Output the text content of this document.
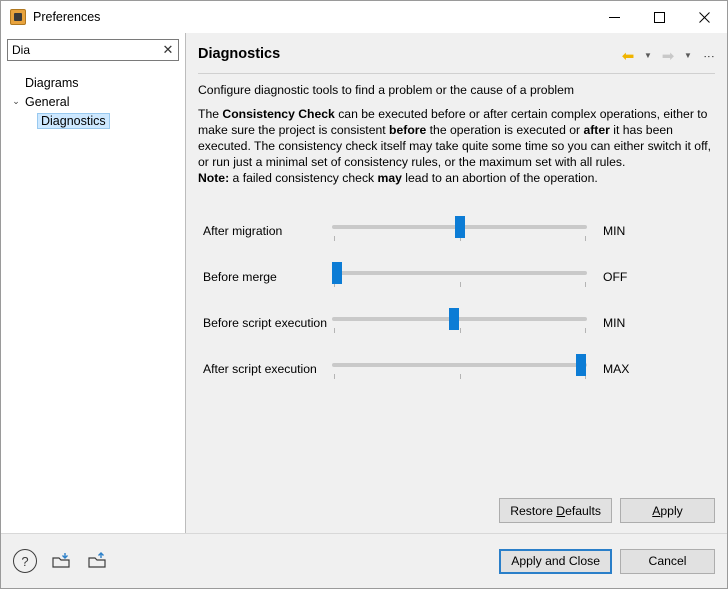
Preferences
Dia
✕
Diagrams
⌄ General
Diagnostics
Diagnostics	⬅ ▼ ➡ ▼ ⋮

Configure diagnostic tools to find a problem or the cause of a problem

The Consistency Check can be executed before or after certain complex operations, either to make sure the project is consistent before the operation is executed or after it has been executed. The consistency check itself may take quite some time so you can either switch it off, or run just a minimal set of consistency rules, or the maximum set with all rules.

Note: a failed consistency check may lead to an abortion of the operation.

After migration	MIN
Before merge	OFF
Before script execution	MIN
After script execution	MAX
Restore Defaults	Apply
?	Apply and Close	Cancel
